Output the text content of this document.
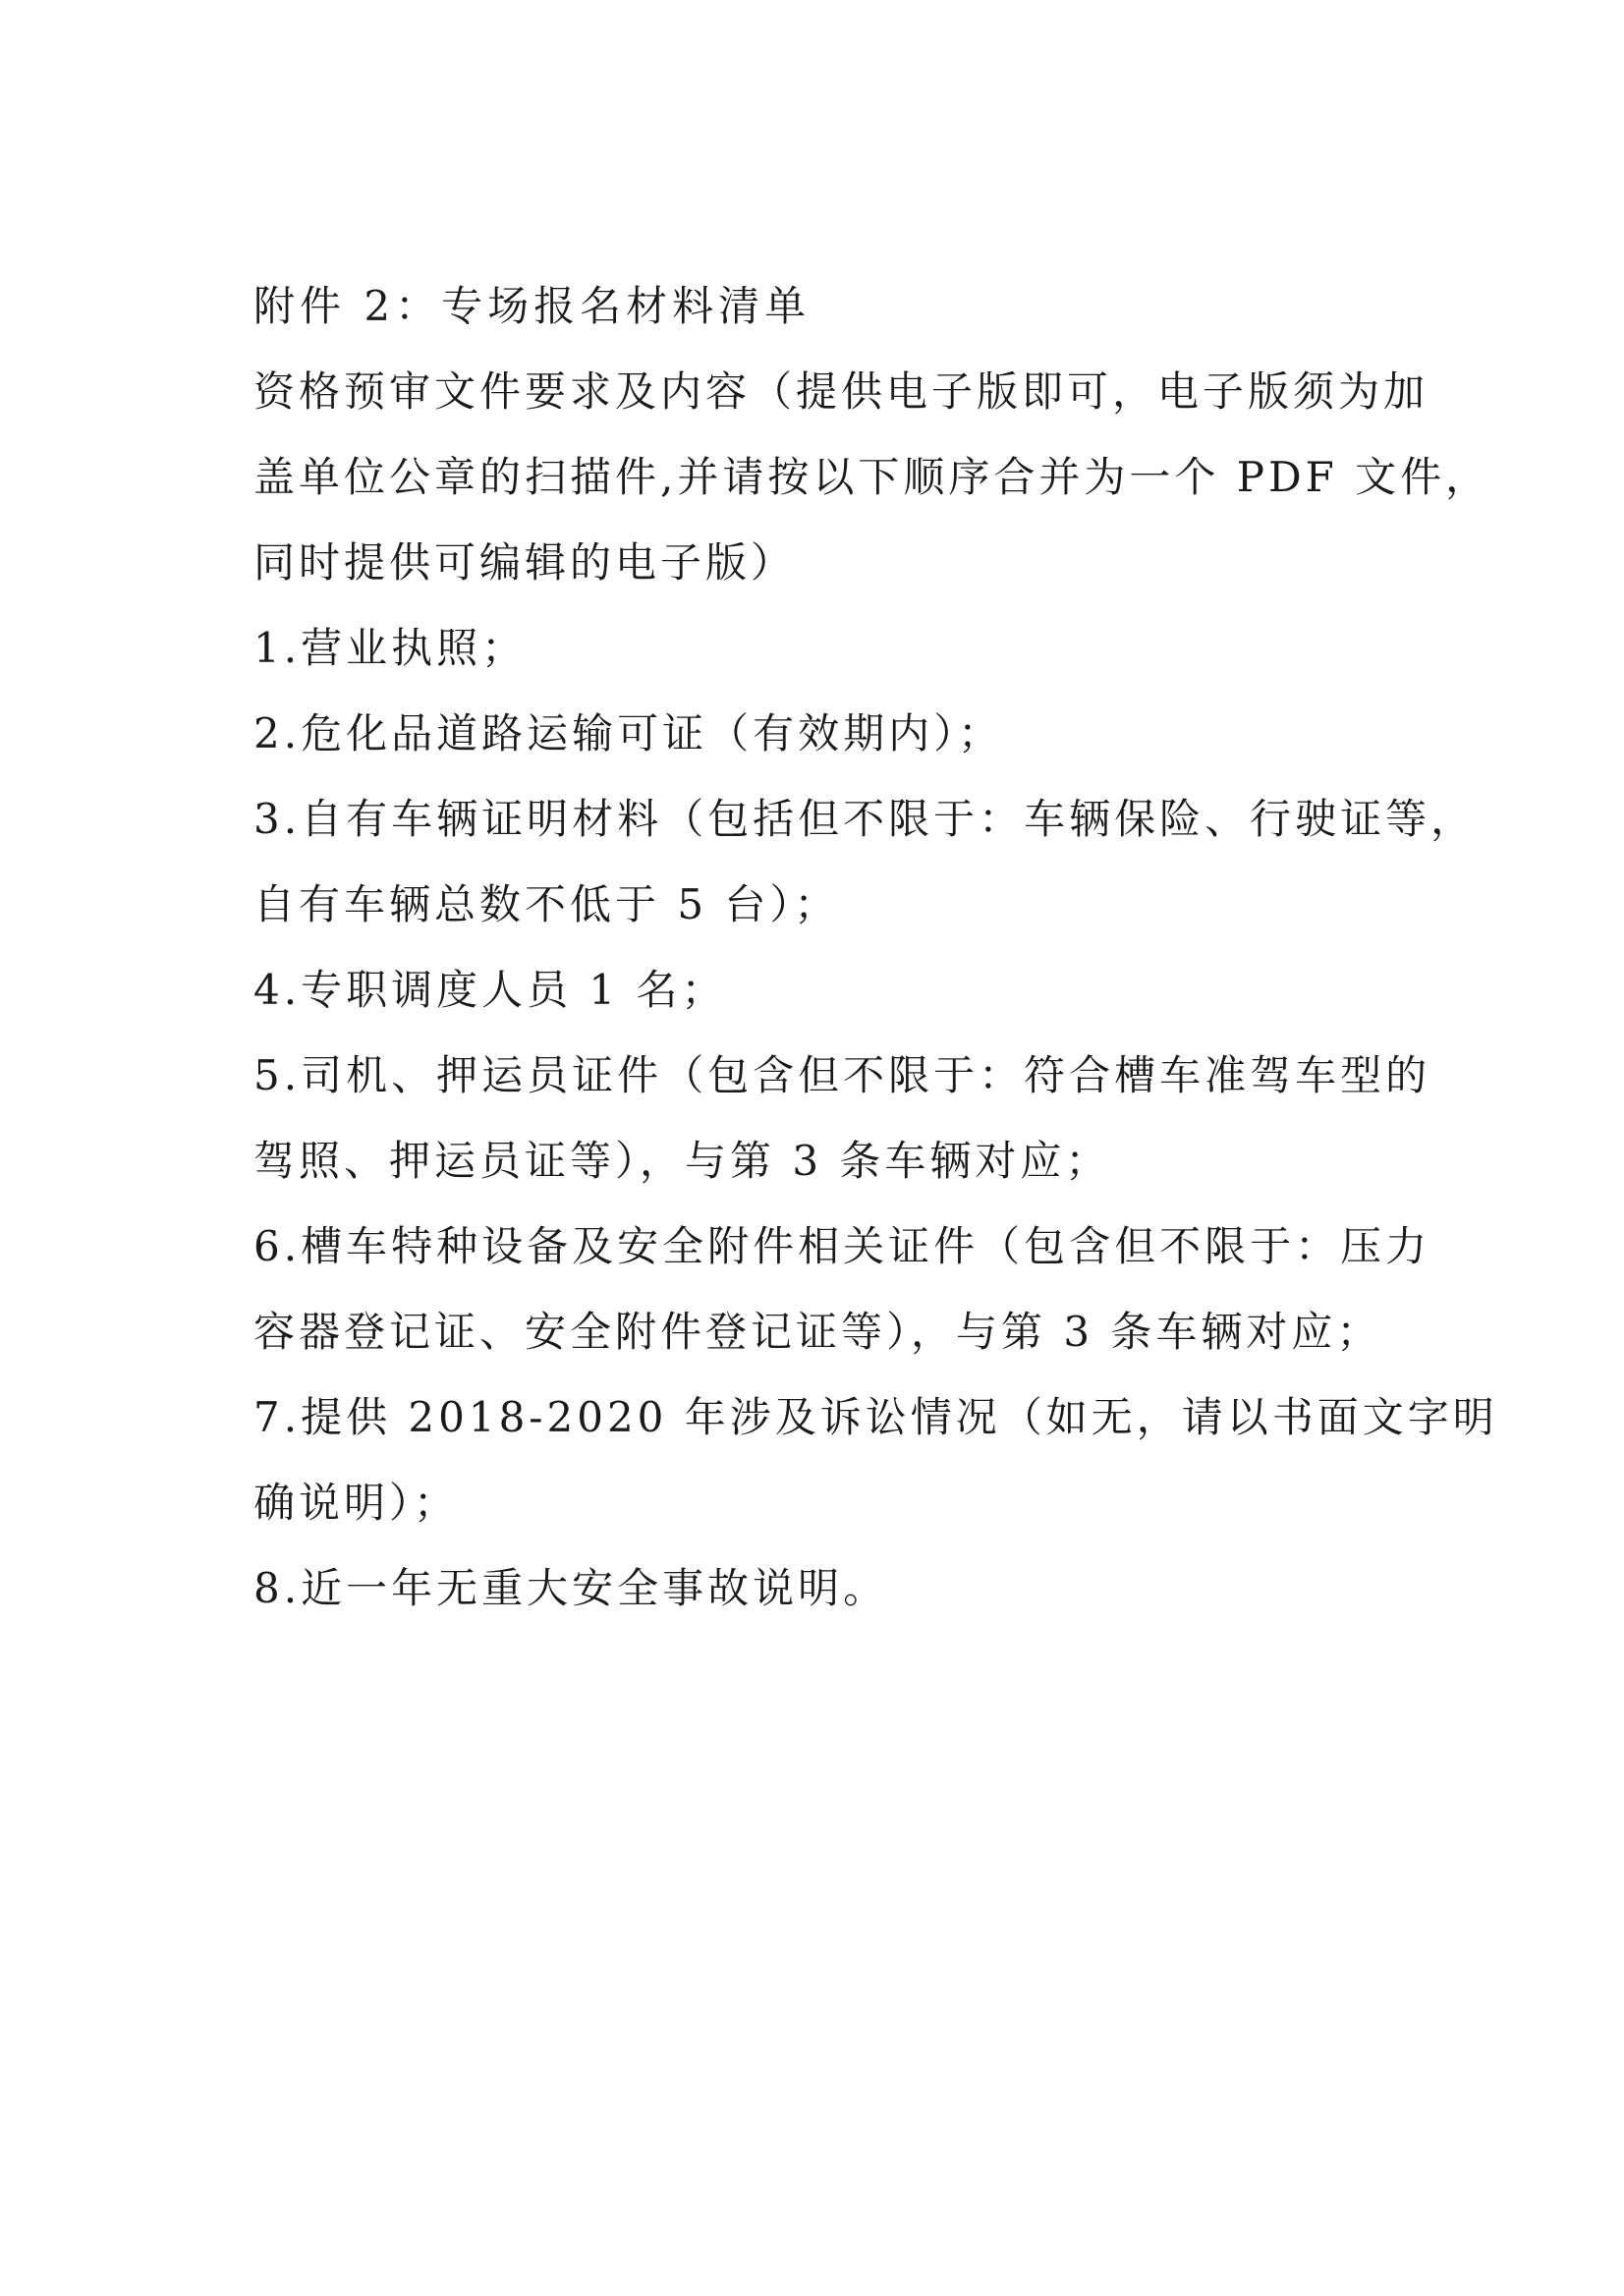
附件 2：专场报名材料清单

资格预审文件要求及内容（提供电子版即可，电子版须为加

盖单位公章的扫描件,并请按以下顺序合并为一个 PDF 文件，

同时提供可编辑的电子版）

1.营业执照；

2.危化品道路运输可证（有效期内）；

3.自有车辆证明材料（包括但不限于：车辆保险、行驶证等，

自有车辆总数不低于 5 台）；

4.专职调度人员 1 名；

5.司机、押运员证件（包含但不限于：符合槽车准驾车型的

驾照、押运员证等），与第 3 条车辆对应；

6.槽车特种设备及安全附件相关证件（包含但不限于：压力

容器登记证、安全附件登记证等），与第 3 条车辆对应；

7.提供 2018-2020 年涉及诉讼情况（如无，请以书面文字明

确说明）；

8.近一年无重大安全事故说明。
